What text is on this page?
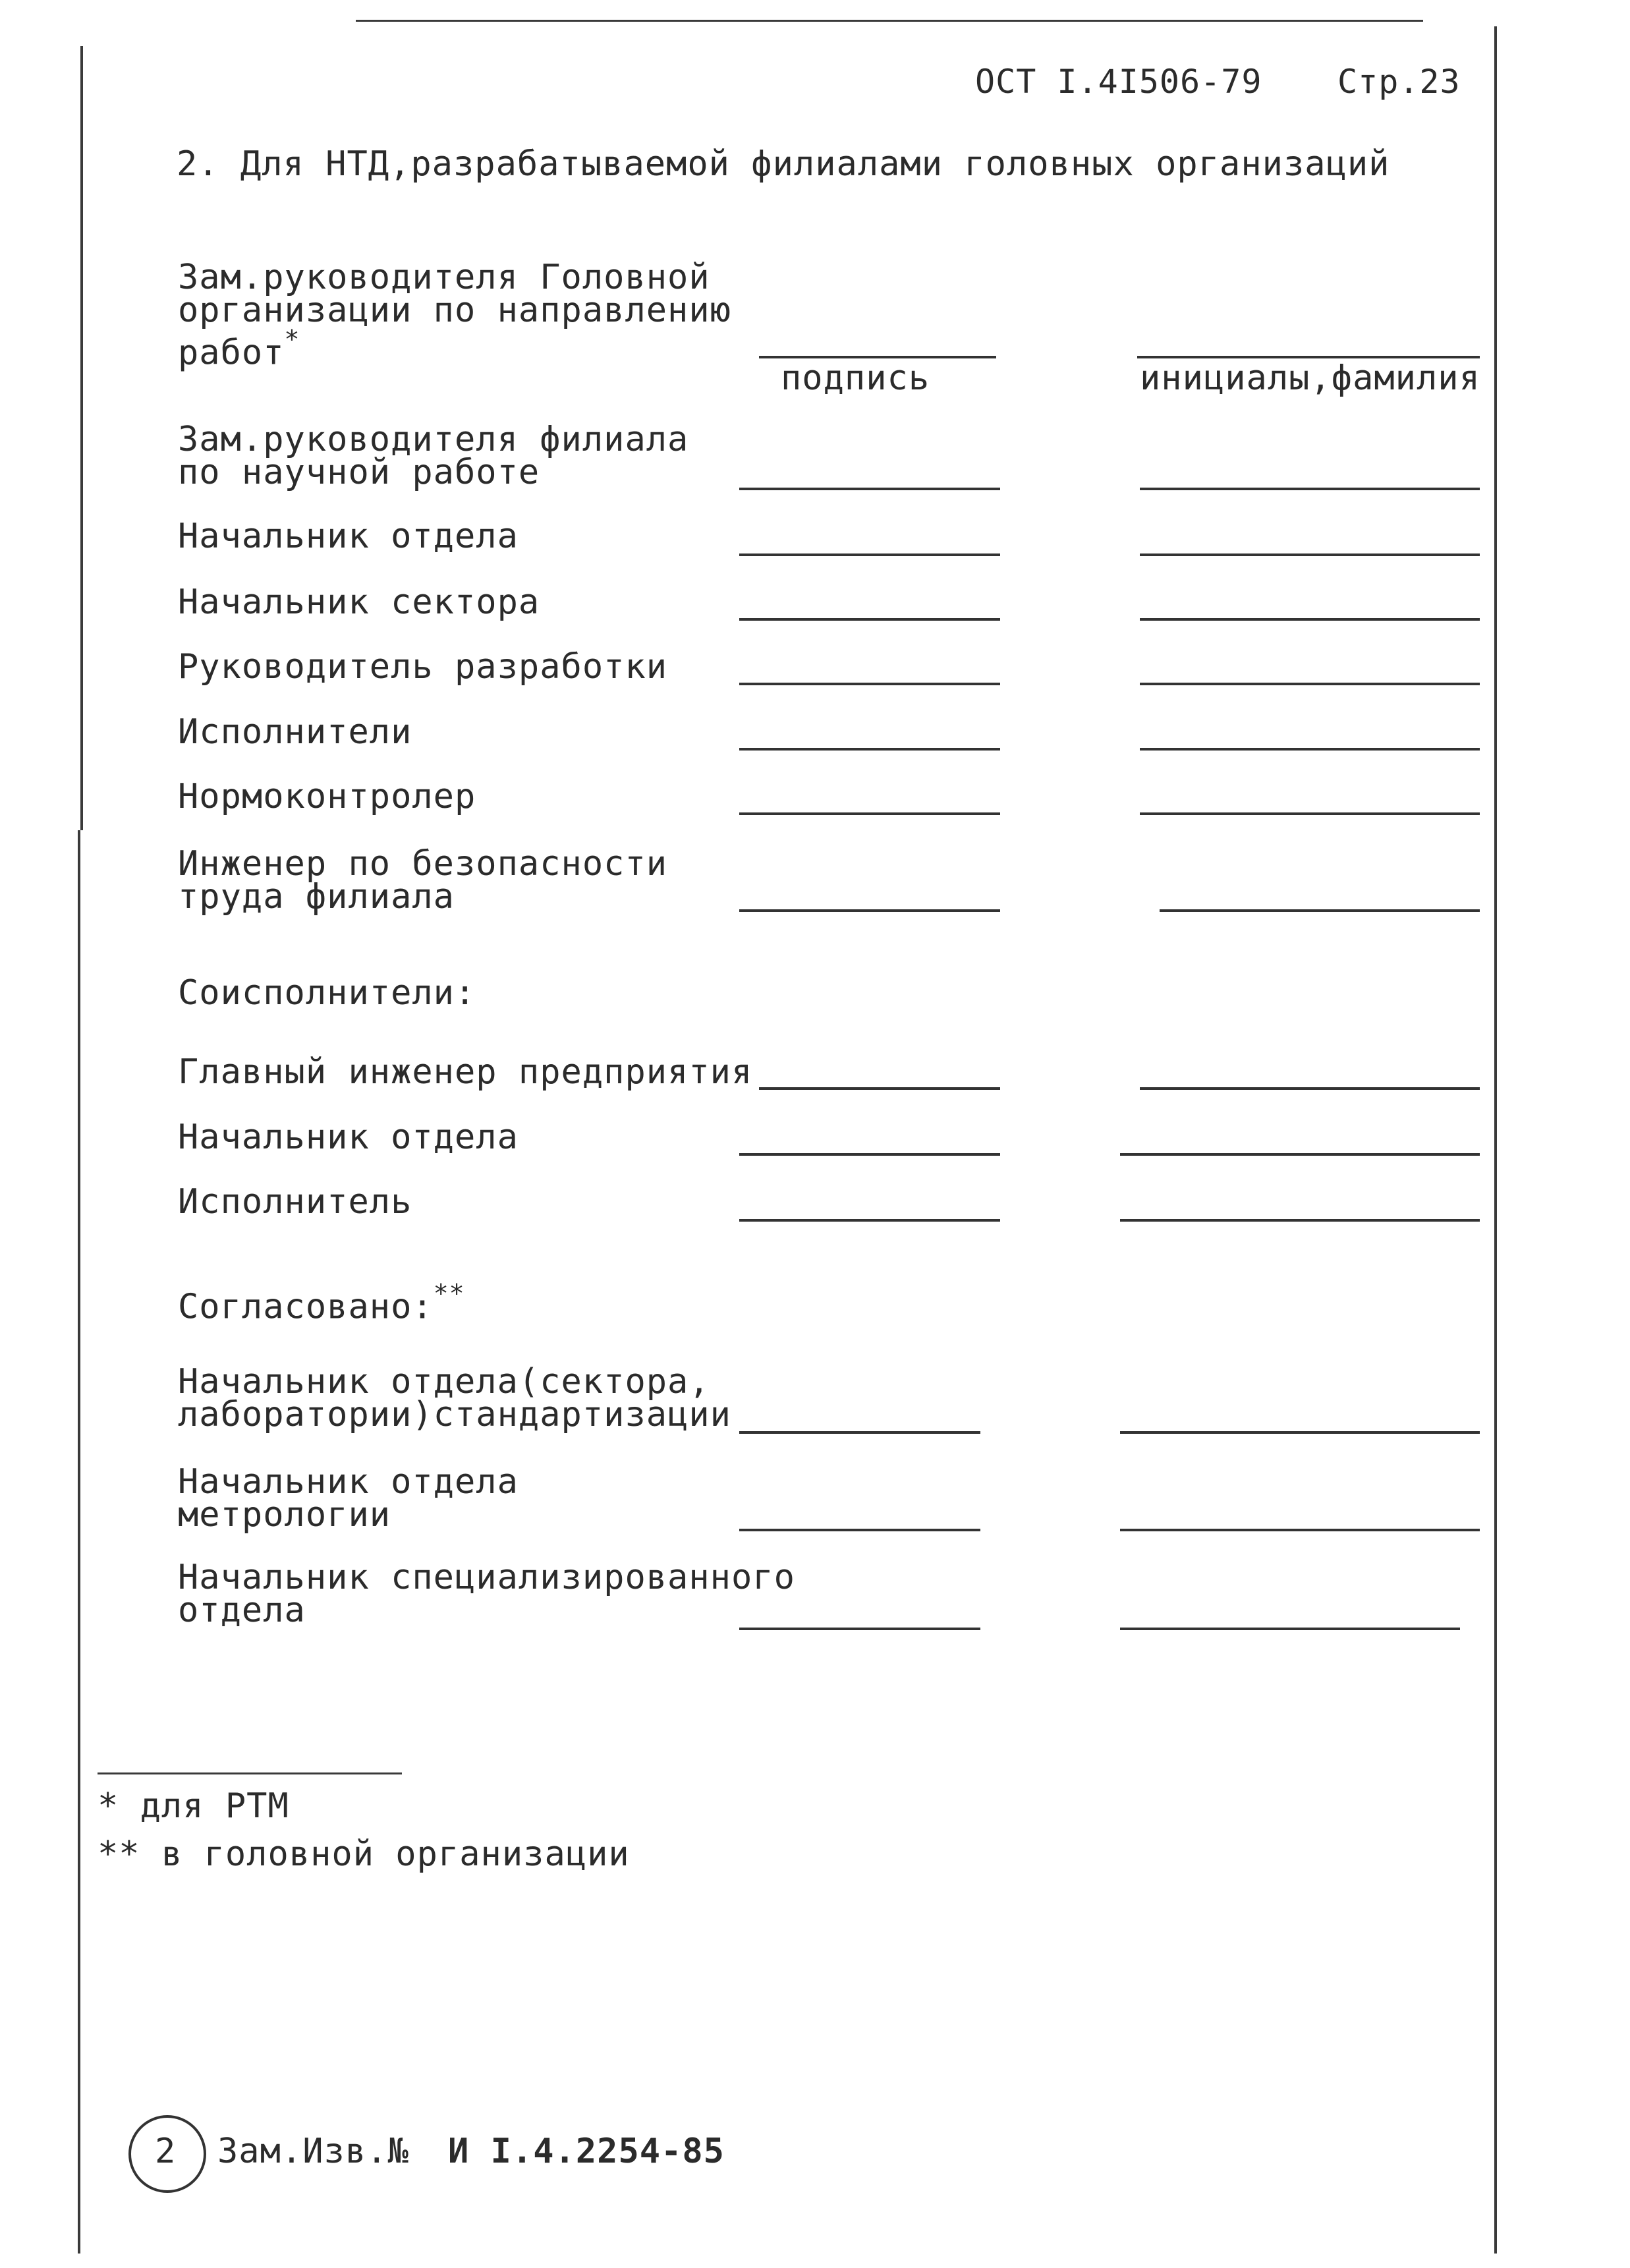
ОСТ I.4I506-79 Стр.23
2. Для НТД,разрабатываемой филиалами головных организаций
Зам.руководителя Головной
организации по направлению
работ*
подпись	инициалы,фамилия
Зам.руководителя филиала
по научной работе
Начальник отдела
Начальник сектора
Руководитель разработки
Исполнители
Нормоконтролер
Инженер по безопасности
труда филиала
Соисполнители:
Главный инженер предприятия
Начальник отдела
Исполнитель
Согласовано:**
Начальник отдела(сектора,
лаборатории)стандартизации
Начальник отдела
метрологии
Начальник специализированного
отдела
* для РТМ
** в головной организации
2 Зам.Изв.№ И I.4.2254-85
